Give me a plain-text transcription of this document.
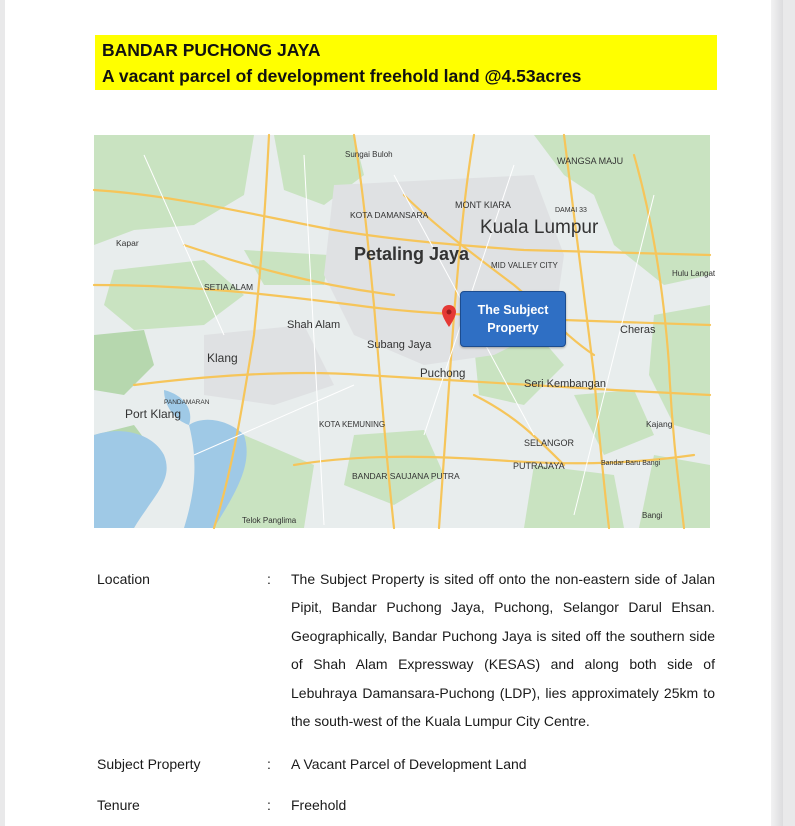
BANDAR PUCHONG JAYA
A vacant parcel of development freehold land @4.53acres
Sungai Buloh
WANGSA MAJU
KOTA DAMANSARA
MONT KIARA
DAMAI 33
Kuala Lumpur
Kapar
Petaling Jaya
MID VALLEY CITY
Hulu Langat
SETIA ALAM
Shah Alam	Cheras
Subang Jaya
Klang
Puchong
Seri Kembangan
PANDAMARAN
Port Klang
KOTA KEMUNING
SELANGOR
Kajang
PUTRAJAYA	Bandar Baru Bangi
BANDAR SAUJANA PUTRA
Telok Panglima
Bangi
The Subject Property
Location	: The Subject Property is sited off onto the non-eastern side of Jalan Pipit, Bandar Puchong Jaya, Puchong, Selangor Darul Ehsan. Geographically, Bandar Puchong Jaya is sited off the southern side of Shah Alam Expressway (KESAS) and along both side of Lebuhraya Damansara-Puchong (LDP), lies approximately 25km to the south-west of the Kuala Lumpur City Centre.
Subject Property	: A Vacant Parcel of Development Land
Tenure	: Freehold
